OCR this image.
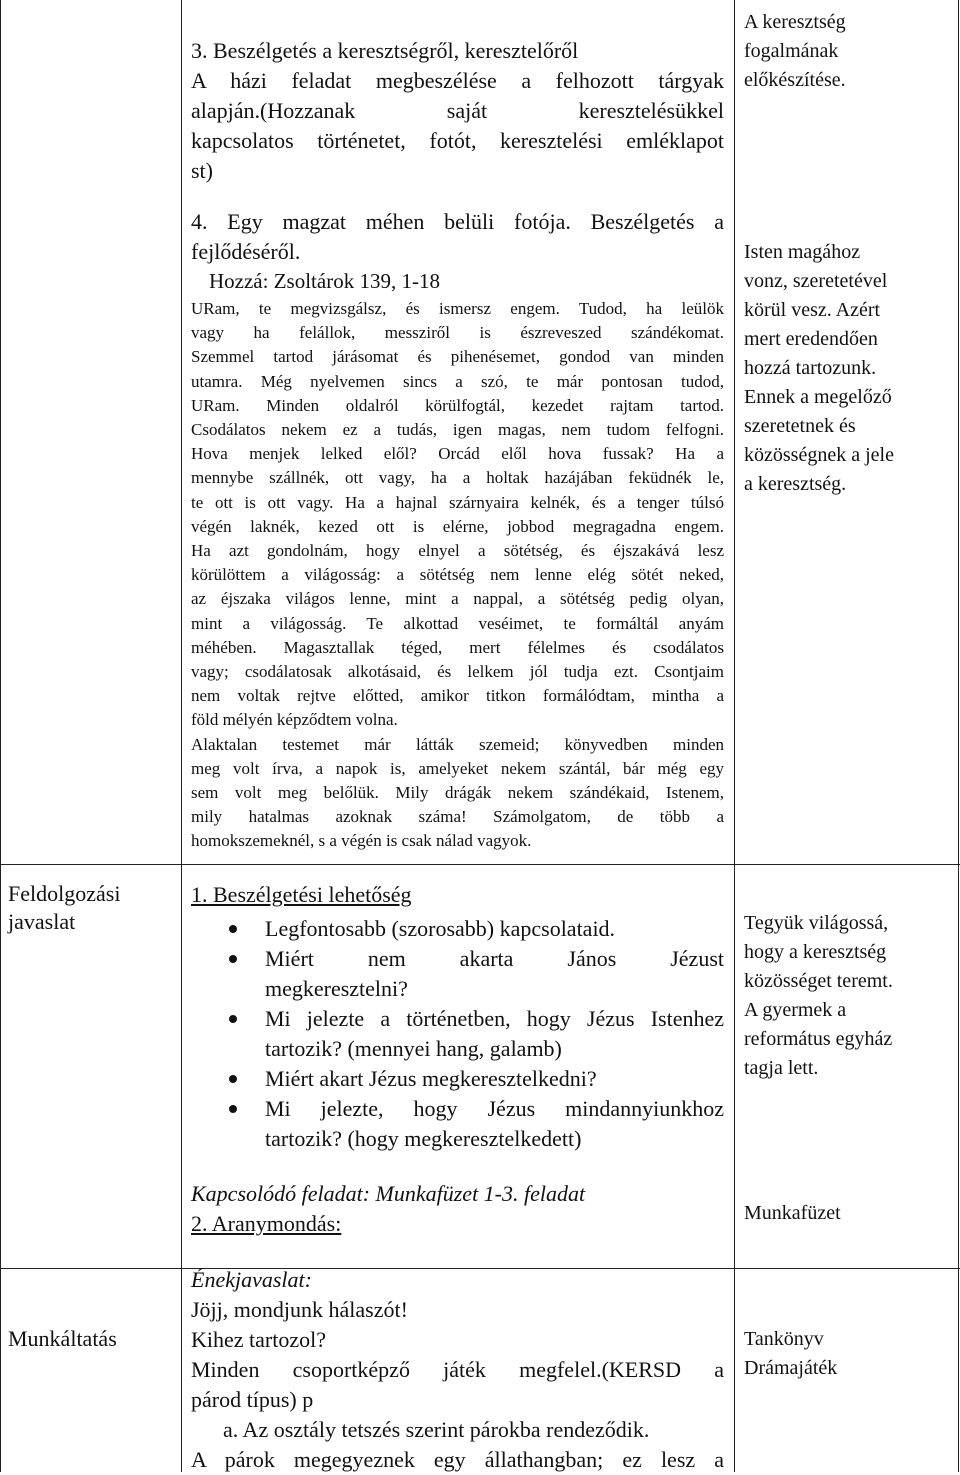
3. Beszélgetés a keresztségről, keresztelőről

A házi feladat megbeszélése a felhozott tárgyak

alapján.(Hozzanak saját keresztelésükkel

kapcsolatos történetet, fotót, keresztelési emléklapot

st)

4. Egy magzat méhen belüli fotója. Beszélgetés a

fejlődéséről.

Hozzá: Zsoltárok 139, 1-18

URam, te megvizsgálsz, és ismersz engem. Tudod, ha leülök
vagy ha felállok, messziről is észreveszed szándékomat.
Szemmel tartod járásomat és pihenésemet, gondod van minden
utamra. Még nyelvemen sincs a szó, te már pontosan tudod,
URam. Minden oldalról körülfogtál, kezedet rajtam tartod.
Csodálatos nekem ez a tudás, igen magas, nem tudom felfogni.
Hova menjek lelked elől? Orcád elől hova fussak? Ha a
mennybe szállnék, ott vagy, ha a holtak hazájában feküdnék le,
te ott is ott vagy. Ha a hajnal szárnyaira kelnék, és a tenger túlsó
végén laknék, kezed ott is elérne, jobbod megragadna engem.
Ha azt gondolnám, hogy elnyel a sötétség, és éjszakává lesz
körülöttem a világosság: a sötétség nem lenne elég sötét neked,
az éjszaka világos lenne, mint a nappal, a sötétség pedig olyan,
mint a világosság. Te alkottad veséimet, te formáltál anyám
méhében. Magasztallak téged, mert félelmes és csodálatos
vagy; csodálatosak alkotásaid, és lelkem jól tudja ezt. Csontjaim
nem voltak rejtve előtted, amikor titkon formálódtam, mintha a
föld mélyén képződtem volna.
Alaktalan testemet már látták szemeid; könyvedben minden
meg volt írva, a napok is, amelyeket nekem szántál, bár még egy
sem volt meg belőlük. Mily drágák nekem szándékaid, Istenem,
mily hatalmas azoknak száma! Számolgatom, de több a
homokszemeknél, s a végén is csak nálad vagyok.

A keresztség

fogalmának

előkészítése.

Isten magához

vonz, szeretetével

körül vesz. Azért

mert eredendően

hozzá tartozunk.

Ennek a megelőző

szeretetnek és

közösségnek a jele

a keresztség.

Feldolgozási

javaslat

1. Beszélgetési lehetőség

Legfontosabb (szorosabb) kapcsolataid.
Miért nem akarta János Jézust
megkeresztelni?
Mi jelezte a történetben, hogy Jézus Istenhez
tartozik? (mennyei hang, galamb)
Miért akart Jézus megkeresztelkedni?
Mi jelezte, hogy Jézus mindannyiunkhoz
tartozik? (hogy megkeresztelkedett)

Kapcsolódó feladat: Munkafüzet 1-3. feladat

2. Aranymondás:

Tegyük világossá,

hogy a keresztség

közösséget teremt.

A gyermek a

református egyház

tagja lett.

Munkafüzet

Munkáltatás

Énekjavaslat:

Jöjj, mondjunk hálaszót!

Kihez tartozol?

Minden csoportképző játék megfelel.(KERSD a

párod típus) p

a. Az osztály tetszés szerint párokba rendeződik.

A párok megegyeznek egy állathangban; ez lesz a

Tankönyv

Drámajáték
